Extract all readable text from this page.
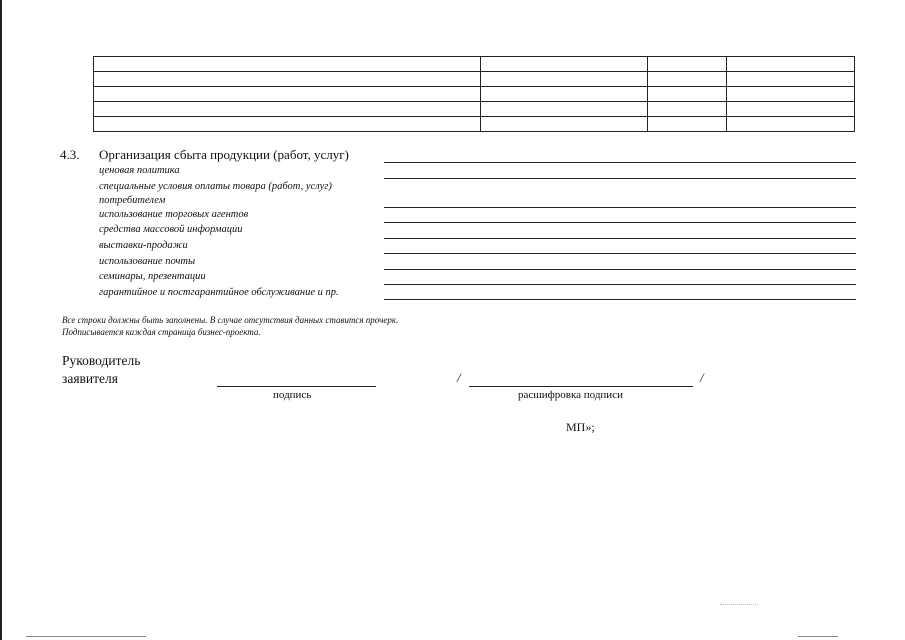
4.3. Организация сбыта продукции (работ, услуг)
ценовая политика
специальные условия оплаты товара (работ, услуг)
потребителем
использование торговых агентов
средства массовой информации
выставки-продажи
использование почты
семинары, презентации
гарантийное и постгарантийное обслуживание и пр.
Все строки должны быть заполнены. В случае отсутствия данных ставится прочерк.
Подписывается каждая страница бизнес-проекта.
Руководитель
заявителя
подпись
/	/
расшифровка подписи
МП»;
